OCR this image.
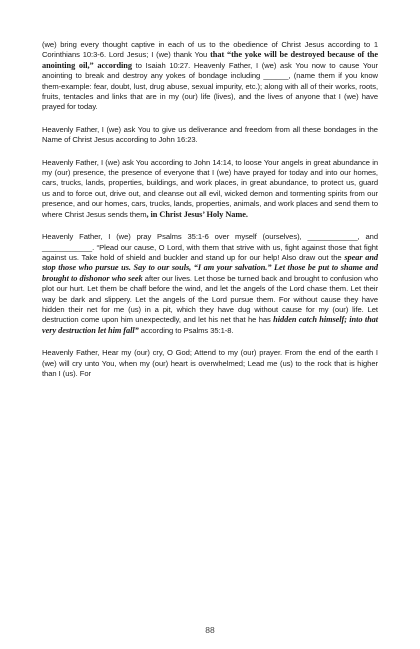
(we) bring every thought captive in each of us to the obedience of Christ Jesus according to 1 Corinthians 10:3-6. Lord Jesus; I (we) thank You that “the yoke will be destroyed because of the anointing oil,” according to Isaiah 10:27. Heavenly Father, I (we) ask You now to cause Your anointing to break and destroy any yokes of bondage including ______, (name them if you know them-example: fear, doubt, lust, drug abuse, sexual impurity, etc.); along with all of their works, roots, fruits, tentacles and links that are in my (our) life (lives), and the lives of anyone that I (we) have prayed for today.

Heavenly Father, I (we) ask You to give us deliverance and freedom from all these bondages in the Name of Christ Jesus according to John 16:23.

Heavenly Father, I (we) ask You according to John 14:14, to loose Your angels in great abundance in my (our) presence, the presence of everyone that I (we) have prayed for today and into our homes, cars, trucks, lands, properties, buildings, and work places, in great abundance, to protect us, guard us and to force out, drive out, and cleanse out all evil, wicked demon and tormenting spirits from our presence, and our homes, cars, trucks, lands, properties, animals, and work places and send them to where Christ Jesus sends them, in Christ Jesus’ Holy Name.

Heavenly Father, I (we) pray Psalms 35:1-6 over myself (ourselves), ____________, and ____________. “Plead our cause, O Lord, with them that strive with us, fight against those that fight against us. Take hold of shield and buckler and stand up for our help! Also draw out the spear and stop those who pursue us. Say to our souls, “I am your salvation.” Let those be put to shame and brought to dishonor who seek after our lives. Let those be turned back and brought to confusion who plot our hurt. Let them be chaff before the wind, and let the angels of the Lord chase them. Let their way be dark and slippery. Let the angels of the Lord pursue them. For without cause they have hidden their net for me (us) in a pit, which they have dug without cause for my (our) life. Let destruction come upon him unexpectedly, and let his net that he has hidden catch himself; into that very destruction let him fall” according to Psalms 35:1-8.

Heavenly Father, Hear my (our) cry, O God; Attend to my (our) prayer. From the end of the earth I (we) will cry unto You, when my (our) heart is overwhelmed; Lead me (us) to the rock that is higher than I (us). For

88
